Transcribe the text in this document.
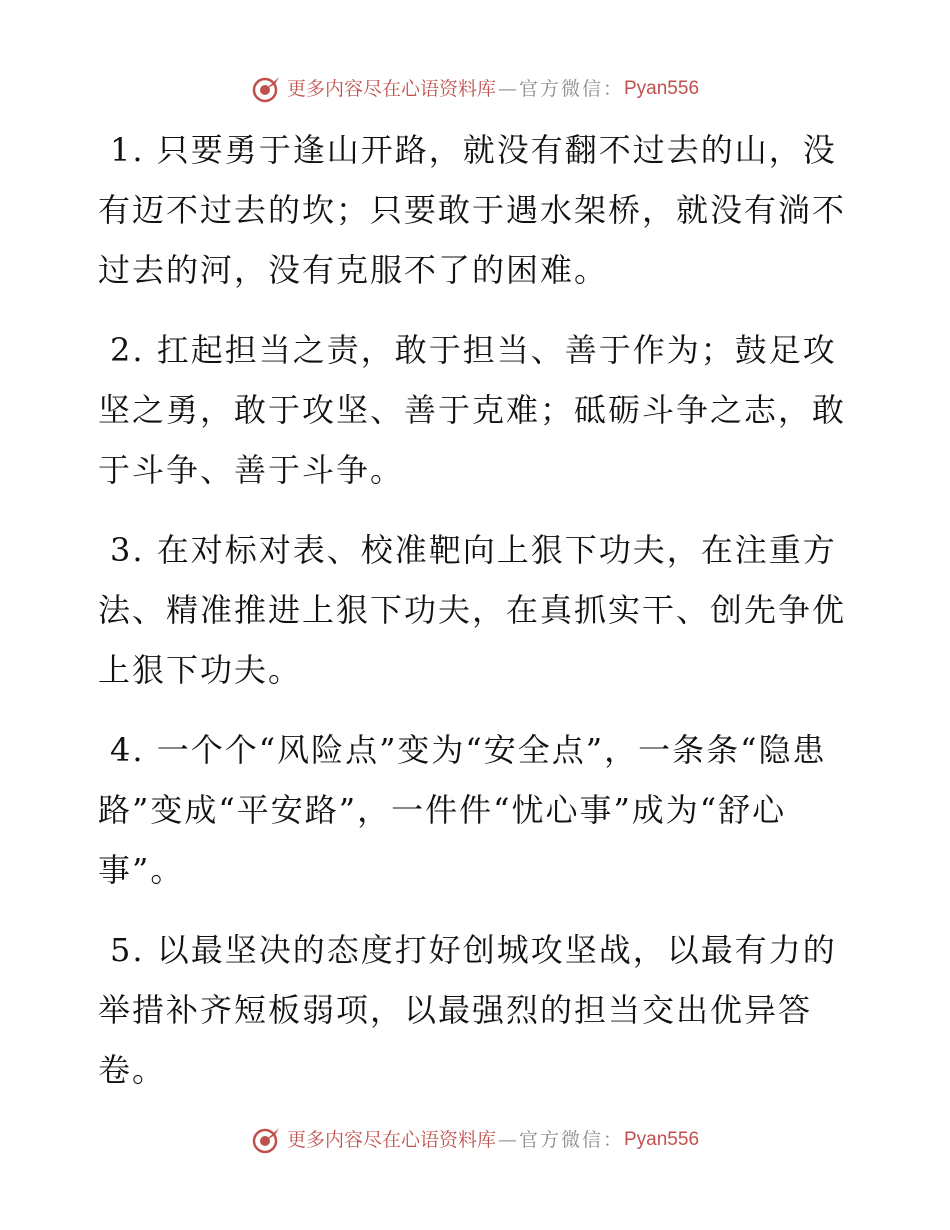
更多内容尽在心语资料库 — 官方微信： Pyan556

1. 只要勇于逢山开路，就没有翻不过去的山，没有迈不过去的坎；只要敢于遇水架桥，就没有淌不过去的河，没有克服不了的困难。

2. 扛起担当之责，敢于担当、善于作为；鼓足攻坚之勇，敢于攻坚、善于克难；砥砺斗争之志，敢于斗争、善于斗争。

3. 在对标对表、校准靶向上狠下功夫，在注重方法、精准推进上狠下功夫，在真抓实干、创先争优上狠下功夫。

4. 一个个“风险点”变为“安全点”，一条条“隐患路”变成“平安路”，一件件“忧心事”成为“舒心事”。

5. 以最坚决的态度打好创城攻坚战，以最有力的举措补齐短板弱项，以最强烈的担当交出优异答卷。

更多内容尽在心语资料库 — 官方微信： Pyan556
